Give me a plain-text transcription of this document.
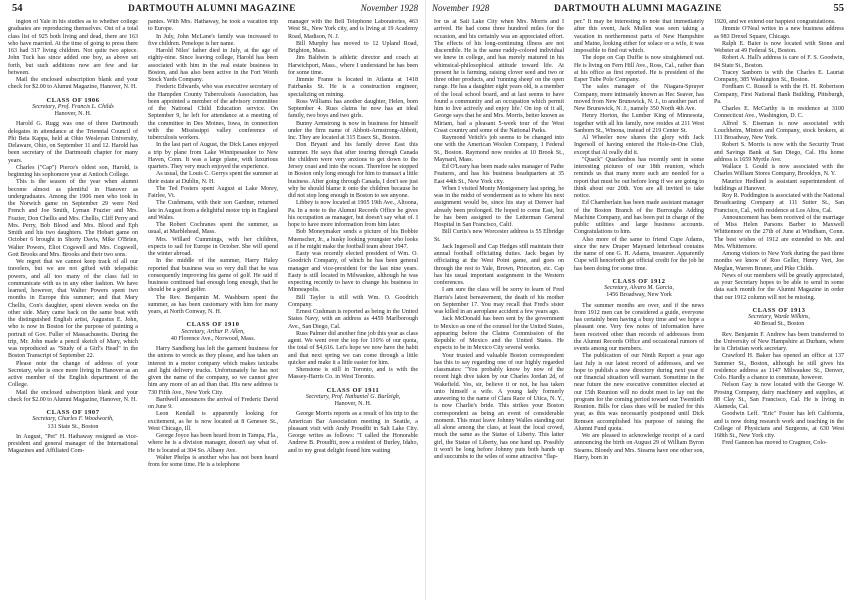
54	DARTMOUTH ALUMNI MAGAZINE	November 1928

ington of Yale in his studies as to whether college graduates are reproducing themselves. Out of a total class list of 925 both living and dead, there are 163 who have married. At the time of going to press there 163 had 317 living children. Not quite two apiece. John Tuck has since added one boy, as above set forth, but such additions now are few and far between.

Mail the enclosed subscription blank and your check for $2.00 to Alumni Magazine, Hanover, N. H.

CLASS OF 1906
Secretary, Prof. Francis L. Childs
Hanover, N. H.

Harold G. Rugg was one of three Dartmouth delegates in attendance at the Triennial Council of Phi Beta Kappa, held at Ohio Wesleyan University, Delaware, Ohio, on September 11 and 12. Harold has been secretary of the Dartmouth chapter for many years.

Charles ("Cap") Pierce's oldest son, Harold, is beginning his sophomore year at Antioch College.

This is the season of the year when alumni become almost as plentiful in Hanover as undergraduates. Among the 1906 men who took in the Norwich game on September 29 were Ned French and Joe Smith, Lyman Frazier and Mrs. Frazier, Don Chellis and Mrs. Chellis, Cliff Perry and Mrs. Perry, Bob Blood and Mrs. Blood and Eph Smith and his two daughters. The Hobart game on October 6 brought in Shorty Davis, Mike O'Brien, Walter Powers, Eliot Cogswell and Mrs. Cogswell, Gott Brooks and Mrs. Brooks and their two sons.

We regret that we cannot keep track of all our travelers, but we are not gifted with telepathic powers, and all too many of the class fail to communicate with us in any other fashion. We have learned, however, that Walter Powers spent two months in Europe this summer; and that Mary Chellis, Con's daughter, spent eleven weeks on the other side. Mary came back on the same boat with the distinguished English artist, Augustus E. John, who is now in Boston for the purpose of painting a portrait of Gov. Fuller of Massachusetts. During the trip, Mr. John made a pencil sketch of Mary, which was reproduced as "Study of a Girl's Head" in the Boston Transcript of September 22.

Please note the change of address of your Secretary, who is once more living in Hanover as an active member of the English department of the College.

Mail the enclosed subscription blank and your check for $2.00 to Alumni Magazine, Hanover, N. H.

CLASS OF 1907
Secretary, Charles F. Woodworth,
131 State St., Boston

In August, "Pet" H. Hathaway resigned as vice-president and general manager of the International Magazines and Affiliated Com-

panies. With Mrs. Hathaway, he took a vacation trip to Europe.

In July, John McLane's family was increased to five children. Penelope is her name.

Harold Niles' father died in July, at the age of eighty-nine. Since leaving college, Harold has been associated with him in the real estate business in Boston, and has also been active in the Fort Worth Stock Yards Company.

Frederic Edwards, who was executive secretary of the Hampden County Tuberculosis Association, has been appointed a member of the advisory committee of the National Child Education service. On September 9, he left for attendance at a meeting of the committee in Des Moines, Iowa, in connection with the Mississippi valley conference of tuberculosis workers.

In the last part of August, the Dick Lanes enjoyed a trip by plane from Lake Winnipesaukee to New Haven, Conn. It was a large plane, with luxurious quarters. They very much enjoyed the experience.

As usual, the Louis C. Gerrys spent the summer at their estate at Dublin, N. H.

The Ted Fosters spent August at Lake Morey, Fairlee, Vt.

The Cushmans, with their son Gardner, returned late in August from a delightful motor trip in England and Wales.

The Robert Cochranes spent the summer, as usual, at Marblehead, Mass.

Mrs. Willard Cummings, with her children, expects to sail for Europe in October. She will spend the winter abroad.

In the middle of the summer, Harry Haley reported that business was so very dull that he was consequently improving his game of golf. He said if business continued bad enough long enough, that he should be a good golfer.

The Rev. Benjamin M. Washburn spent the summer, as has been customary with him for many years, at North Conway, N. H.

CLASS OF 1910
Secretary, Arthur P. Allen,
40 Florence Ave., Norwood, Mass.

Harry Sandberg has left the garment business for the unions to wreck as they please, and has taken an interest in a motor company which makes taxicabs and light delivery trucks. Unfortunately he has not given the name of the company, so we cannot give him any more of an ad than that. His new address is 730 Fifth Ave., New York City.

Bardwell announces the arrival of Frederic David on June 9.

Leon Kendall is apparently looking for excitement, as he is now located at 8 Genesee St., West Chicago, Ill.

George Joyce has been heard from in Tampa, Fla., where he is a division manager, doesn't say what of. He is located at 304 So. Albany Ave.

Walter Phelps is another who has not been heard from for some time. He is a telephone

manager with the Bell Telephone Laboratories, 463 West St., New York city, and is living at 19 Academy Road, Madison, N. J.

Bill Murphy has moved to 12 Upland Road, Brighton, Mass.

Jim Baldwin is athletic director and coach at Harwichport, Mass., where I understand he has been for some time.

Jimmie Frame is located in Atlanta at 1418 Fairbanks St. He is a construction engineer, specializing on mining.

Ross Williams has another daughter, Helen, born September 4. Russ claims he now has an ideal family, two boys and two girls.

Bunny Armstrong is now in business for himself under the firm name of Abbott-Armstrong-Abbott, Inc. They are located at 315 Essex St., Boston.

Don Bryant and his family drove East this summer. He says that after touring through Canada the children were very anxious to get down to the Jersey coast and into the ocean. Therefore he stopped in Boston only long enough for him to transact a little business. After going through Canada, I don't see just why he should blame it onto the children because he did not stop long enough in Boston to see anyone.

Libbey is now located at 1905 19th Ave., Altoona, Pa. In a note to the Alumni Records Office he gives his occupation as manager, but doesn't say what of. I hope to have more information from him later.

Bob Moneymaker sends a picture of his Bobbie Muenscher, Jr., a husky looking youngster who looks as if he might make the football team about 1947.

Easty was recently elected president of Wm. O. Goodrich Company, of which he has been general manager and vice-president for the last nine years. Easty is still located in Milwaukee, although he was expecting recently to have to change his business to Minneapolis.

Bill Taylor is still with Wm. O. Goodrich Company.

Ernest Cushman is reported as being in the United States Navy, with an address as 4459 Marlborough Ave., San Diego, Cal.

Russ Palmer did another fine job this year as class agent. We went over the top for 110% of our quota, the total of $4,616. Let's hope we now have the habit and that next spring we can come through a little quicker and make it a little easier for him.

Shenstone is still in Toronto, and is with the Massey-Harris Co. in West Toronto.

CLASS OF 1911
Secretary, Prof. Nathaniel G. Burleigh,
Hanover, N. H.

George Morris reports as a result of his trip to the American Bar Association meeting in Seattle, a pleasant visit with Andy Proudfit in Salt Lake City. George writes as follows: "I called the Honorable Andrew B. Proudfit, now a resident of Burley, Idaho, and to my great delight found him waiting

November 1928	DARTMOUTH ALUMNI MAGAZINE	55

for us at Salt Lake City when Mrs. Morris and I arrived. He had come three hundred miles for the occasion, and his certainly was an appreciated effort. The effects of his long-continuing illness are not discernible. He is the same ruddy-colored individual we knew in college, and has merely matured in his whimsical-philosophical attitude toward life. At present he is farming, raising clover seed and two or three other products, and 'running sheep' on the open range. He has a daughter eight years old, is a member of the local school board, and at last seems to have found a community and an occupation which permit him to live actively and enjoy life.' On top of it all, George says that he and Mrs. Morris, better known as Miriam, had a pleasant 5-week tour of the West Coast country and some of the National Parks.

Raymond Veitch's job seems to be changed into one with the American Woolen Company, 1 Federal St., Boston. Raymond now resides at 10 Brook St., Maynard, Mass.

Ed O'Leary has been made sales manager of Pathe Features, and has his business headquarters at 35 East 44th St., New York city.

When I visited Monty Montgomery last spring, he was in the midst of wonderment as to where his next assignment would be, since his stay at Denver had already been prolonged. He hoped to come East, but he has been assigned to the Letterman General Hospital in San Francisco, Calif.

Bill Curtis's new Worcester address is 55 Elbridge St.

Jack Ingersoll and Cap Hedges still maintain their annual football officiating duties. Jack began by officiating at the West Point game, and goes on through the rest to Yale, Brown, Princeton, etc. Cap has his usual important assignment in the Western conferences.

I am sure the class will be sorry to learn of Fred Harris's latest bereavement, the death of his mother on September 17. You may recall that Fred's sister was killed in an aeroplane accident a few years ago.

Jack McDonald has been sent by the government to Mexico as one of the counsel for the United States, appearing before the Claims Commission of the Republic of Mexico and the United States. He expects to be in Mexico City several weeks.

Your trusted and valuable Boston correspondent has this to say regarding one of our highly regarded classmates: "You probably know by now of the recent high dive taken by our Charles Jordan 2d, of Wakefield. Yes, sir, believe it or not, he has taken unto himself a wife. A young lady formerly answering to the name of Clara Race of Utica, N. Y., is now Charlie's bride. This strikes your Boston correspondent as being an event of considerable moment. This must leave Johnny Walles standing out all alone among the class, at least the local crowd, much the same as the Statue of Liberty. This latter girl, the Statue of Liberty, has one hand up. Possibly it won't be long before Johnny puts both hands up and succumbs to the wiles of some attractive "flap-

per." It may be interesting to note that immediately after this event, Jack Mullen was seen taking a vacation in northernmost parts of New Hampshire and Maine, looking either for solace or a wife, it was impossible to find out which.

The dope on Cap Duffie is now straightened out. He is living on Fern Hill Ave., Ross, Cal., rather than at his office as first reported. He is president of the Esper Tube Pole Company.

The sales manager of the Niagara-Sprayer Company, more intimately known as Hec Seaver, has moved from New Brunswick, N. J., to another part of New Brunswick, N. J., namely 350 North 4th Ave.

Henry Horton, the Lumber King of Minnesota, together with all his family, now resides at 211 West Sanborn St., Winona, instead of 219 Center St.

Al Wheeler now shares the glory with Jack Ingersoll of having entered the Hole-in-One Club, except that Al really did it.

"Quack" Quackenbos has recently sent in some interesting pictures of our 18th reunion, which reminds us that many more such are needed for a report that must be out before long if we are going to think about our 20th. You are all invited to take notice.

Ed Chamberlain has been made assistant manager of the Boston Branch of the Burroughs Adding Machine Company, and has been put in charge of the public utilities and large business accounts. Congratulations to him.

Also more of the same to friend Cupe Adams, since the new Draper Maynard letterhead contains the name of one G. H. Adams, treasurer. Apparently Cupe will henceforth get official credit for the job he has been doing for some time.

CLASS OF 1912
Secretary, Alvaro M. Garcia,
1456 Broadway, New York

The summer months are over, and if the news from 1912 men can be considered a guide, everyone has certainly been having a busy time and we hope a pleasant one. Very few notes of information have been received other than records of addresses from the Alumni Records Office and occasional rumors of events among our members.

The publication of our Ninth Report a year ago last July is our latest record of addresses, and we hope to publish a new directory during next year if our financial situation will warrant. Sometime in the near future the new executive committee elected at our 15th Reunion will no doubt meet to lay out the program for the coming period toward our Twentieth Reunion. Bills for class dues will be mailed for this year, as this was necessarily postponed until Dick Remsen accomplished his purpose of raising the Alumni Fund quota.

We are pleased to acknowledge receipt of a card announcing the birth on August 29 of William Byron Stearns. Blondy and Mrs. Stearns have one other son, Harry, born in

1920, and we extend our happiest congratulations.

Jimmie O'Neal writes in a new business address as 983 Drexel Square, Chicago.

Ralph E. Baier is now located with Stone and Webster at 49 Federal St., Boston.

Robert A. Hall's address is care of F. S. Goodwin, 84 State St., Boston.

Tracey Sanborn is with the Charles E. Lauriat Company, 385 Washington St., Boston.

Fordham C. Russell is with the H. H. Robertson Company, First National Bank Building, Pittsburgh, Pa.

Charles E. McCarthy is in residence at 3100 Connecticut Ave., Washington, D. C.

Alfred S. Eiseman is now associated with Louchheim, Minton and Company, stock brokers, at 111 Broadway, New York.

Robert S. Morris is now with the Security Trust and Savings Bank at San Diego, Cal. His home address is 1659 Myrtle Ave.

Wallace I. Gould is now associated with the Charles William Stores Company, Brooklyn, N. Y.

Maurice Hedlund is assistant superintendent of buildings at Hanover.

Roy R. Poddington is associated with the National Broadcasting Company at 111 Sutter St., San Francisco, Cal., with residence at Los Altos, Cal.

Announcement has been received of the marriage of Miss Helen Parsons Barber to Maxwell Whittemore on the 27th of June at Windham, Conn. The best wishes of 1912 are extended to Mr. and Mrs. Whittemore.

Among visitors to New York during the past three months we know of Roo Geller, Henry Vert, Joe Meglan, Warren Bruner, and Pike Childs.

News of our members will be greatly appreciated, as your Secretary hopes to be able to send in some data each month for the Alumni Magazine in order that our 1912 column will not be missing.

CLASS OF 1913
Secretary, Warde Wilkins,
40 Broad St., Boston

Rev. Benjamin F. Andrew has been transferred to the University of New Hampshire at Durham, where he is Christian work secretary.

Crawford H. Baker has opened an office at 137 Summer St., Boston, although he still gives his residence address as 1147 Milwaukee St., Denver, Colo. Hardly a chance to commute, however.

Nelson Gay is now located with the George W. Prosing Company, dairy machinery and supplies, at 88 Clay St., San Francisco, Cal. He is living in Alameda, Cal.

Goodwin Leff. "Eric" Foster has left California, and is now doing research work and teaching in the College of Physicians and Surgeons, at 630 West 168th St., New York city.

Fred Gannon has moved to Cragmor, Colo-
